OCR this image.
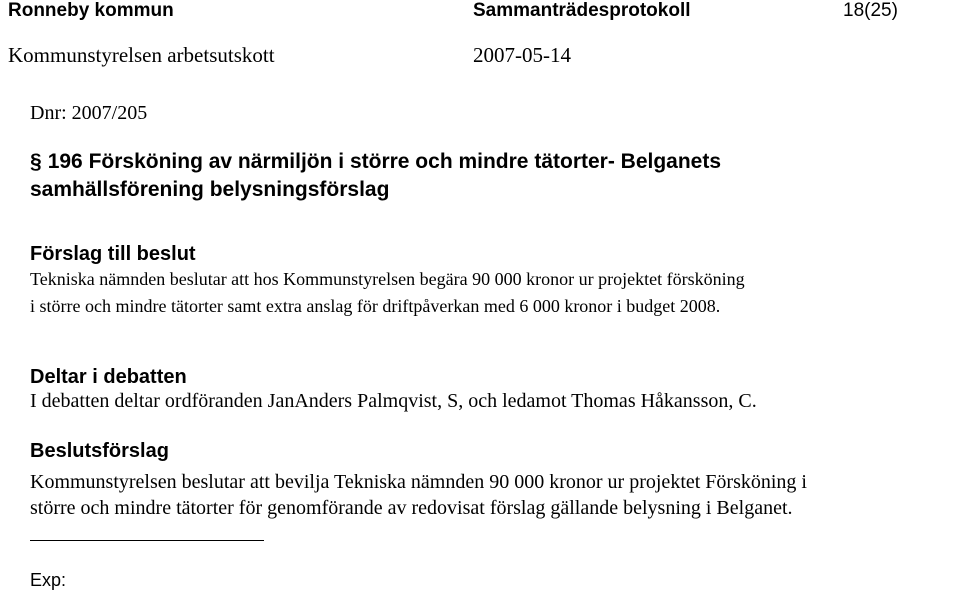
Ronneby kommun	Sammanträdesprotokoll	18(25)
Kommunstyrelsen arbetsutskott	2007-05-14
Dnr: 2007/205
§ 196 Försköning av närmiljön i större och mindre tätorter- Belganets
samhällsförening belysningsförslag
Förslag till beslut
Tekniska nämnden beslutar att hos Kommunstyrelsen begära 90 000 kronor ur projektet försköning
i större och mindre tätorter samt extra anslag för driftpåverkan med 6 000 kronor i budget 2008.
Deltar i debatten
I debatten deltar ordföranden JanAnders Palmqvist, S, och ledamot Thomas Håkansson, C.
Beslutsförslag
Kommunstyrelsen beslutar att bevilja Tekniska nämnden 90 000 kronor ur projektet Försköning i
större och mindre tätorter för genomförande av redovisat förslag gällande belysning i Belganet.
Exp:
